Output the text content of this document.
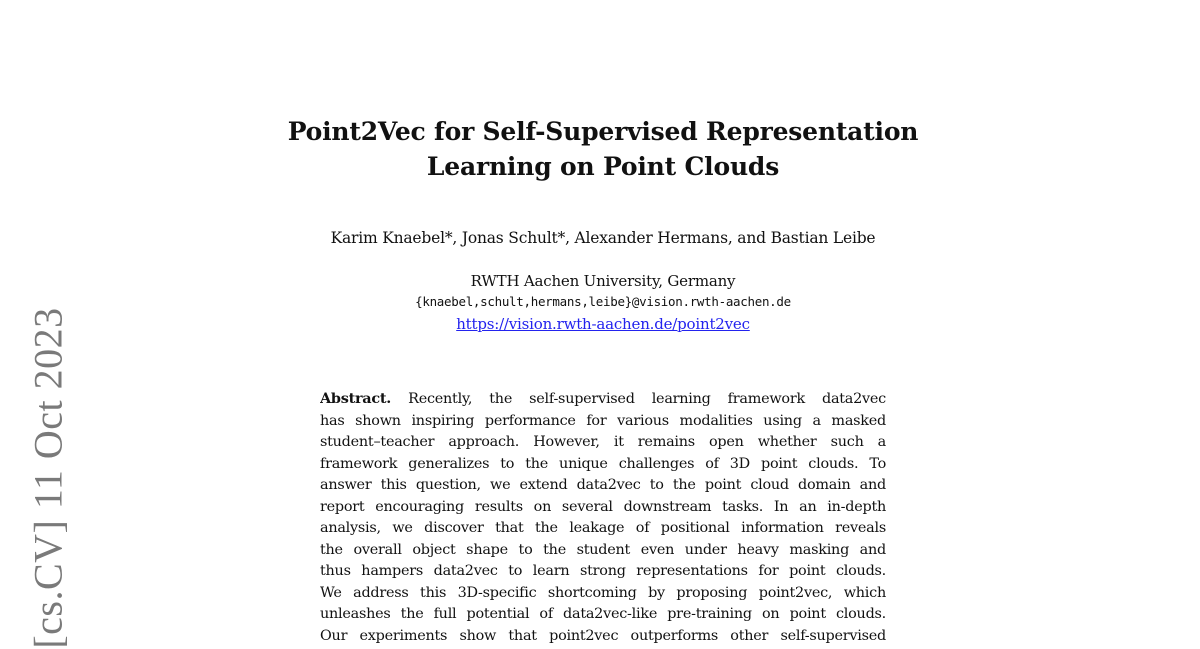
[cs.CV] 11 Oct 2023
Point2Vec for Self-Supervised Representation
Learning on Point Clouds
Karim Knaebel*, Jonas Schult*, Alexander Hermans, and Bastian Leibe
RWTH Aachen University, Germany
{knaebel,schult,hermans,leibe}@vision.rwth-aachen.de
https://vision.rwth-aachen.de/point2vec
Abstract. Recently, the self-supervised learning framework data2vec
has shown inspiring performance for various modalities using a masked
student–teacher approach. However, it remains open whether such a
framework generalizes to the unique challenges of 3D point clouds. To
answer this question, we extend data2vec to the point cloud domain and
report encouraging results on several downstream tasks. In an in-depth
analysis, we discover that the leakage of positional information reveals
the overall object shape to the student even under heavy masking and
thus hampers data2vec to learn strong representations for point clouds.
We address this 3D-specific shortcoming by proposing point2vec, which
unleashes the full potential of data2vec-like pre-training on point clouds.
Our experiments show that point2vec outperforms other self-supervised
